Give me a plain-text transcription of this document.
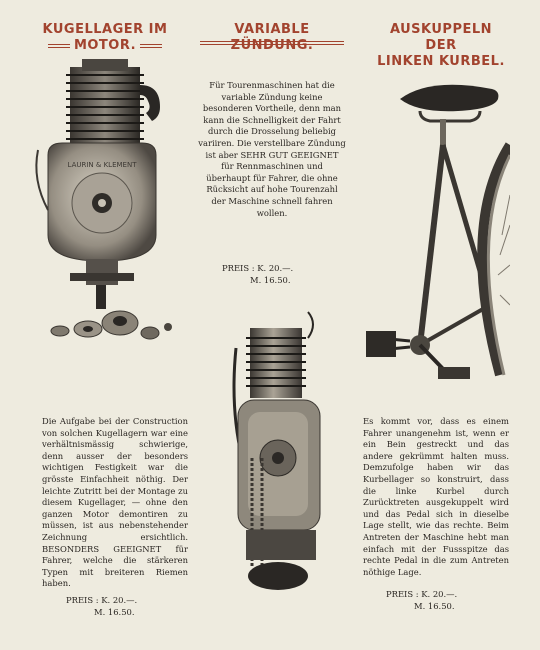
KUGELLAGER IM
MOTOR.
VARIABLE ZÜNDUNG.
AUSKUPPELN DER
LINKEN KURBEL.
LAURIN & KLEMENT
Für Tourenmaschinen hat die variable Zündung keine besonderen Vortheile, denn man kann die Schnelligkeit der Fahrt durch die Drosselung beliebig variiren. Die verstellbare Zündung ist aber SEHR GUT GEEIGNET für Rennmaschinen und überhaupt für Fahrer, die ohne Rücksicht auf hohe Tourenzahl der Maschine schnell fahren wollen.
PREIS : K. 20.—.
M. 16.50.
Die Aufgabe bei der Construction von solchen Kugellagern war eine verhältnismässig schwierige, denn ausser der besonders wichtigen Festigkeit war die grösste Einfachheit nöthig. Der leichte Zutritt bei der Montage zu diesem Kugellager, — ohne den ganzen Motor demontiren zu müssen, ist aus nebenstehender Zeichnung ersichtlich. BESONDERS GEEIGNET für Fahrer, welche die stärkeren Typen mit breiteren Riemen haben.
PREIS : K. 20.—.
M. 16.50.
Es kommt vor, dass es einem Fahrer unangenehm ist, wenn er ein Bein gestreckt und das andere gekrümmt halten muss. Demzufolge haben wir das Kurbellager so konstruirt, dass die linke Kurbel durch Zurücktreten ausgekuppelt wird und das Pedal sich in dieselbe Lage stellt, wie das rechte. Beim Antreten der Maschine hebt man einfach mit der Fussspitze das rechte Pedal in die zum Antreten nöthige Lage.
PREIS : K. 20.—.
M. 16.50.
